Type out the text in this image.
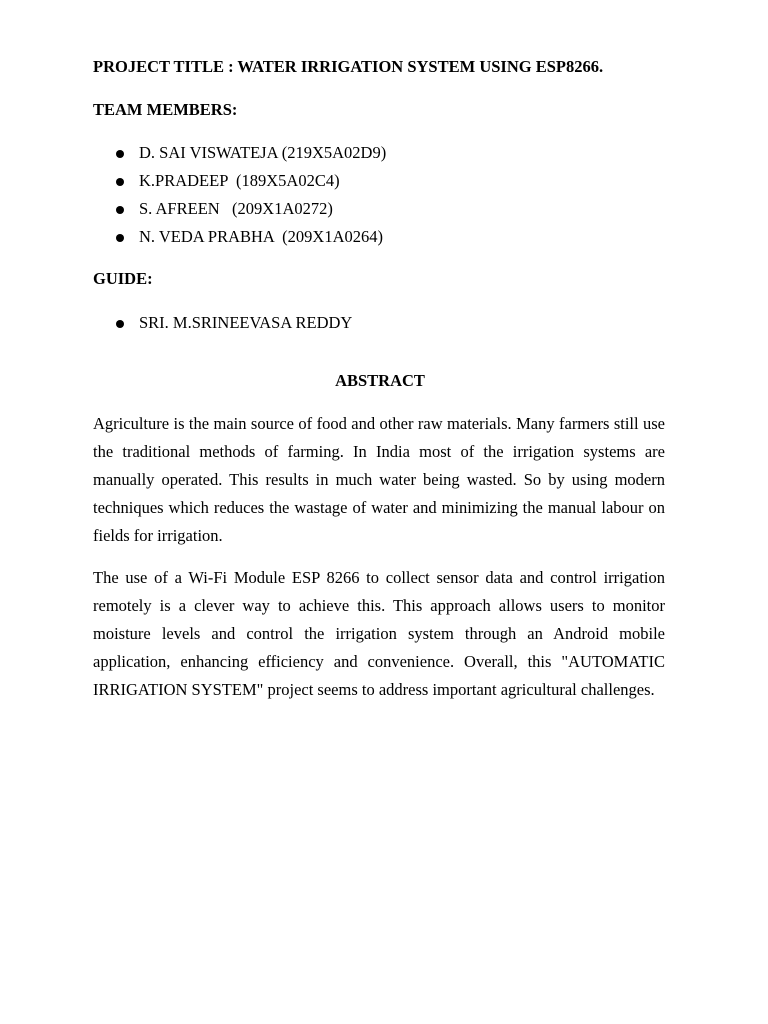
PROJECT TITLE : WATER IRRIGATION SYSTEM USING ESP8266.
TEAM MEMBERS:

D. SAI VISWATEJA (219X5A02D9)

K.PRADEEP  (189X5A02C4)

S. AFREEN   (209X1A0272)

N. VEDA PRABHA  (209X1A0264)

GUIDE:

SRI. M.SRINEEVASA REDDY

ABSTRACT

Agriculture is the main source of food and other raw materials. Many farmers still use the traditional methods of farming. In India most of the irrigation systems are manually operated. This results in much water being wasted. So by using modern techniques which reduces the wastage of water and minimizing the manual labour on fields for irrigation.

The use of a Wi-Fi Module ESP 8266 to collect sensor data and control irrigation remotely is a clever way to achieve this. This approach allows users to monitor moisture levels and control the irrigation system through an Android mobile application, enhancing efficiency and convenience. Overall, this "AUTOMATIC IRRIGATION SYSTEM" project seems to address important agricultural challenges.
